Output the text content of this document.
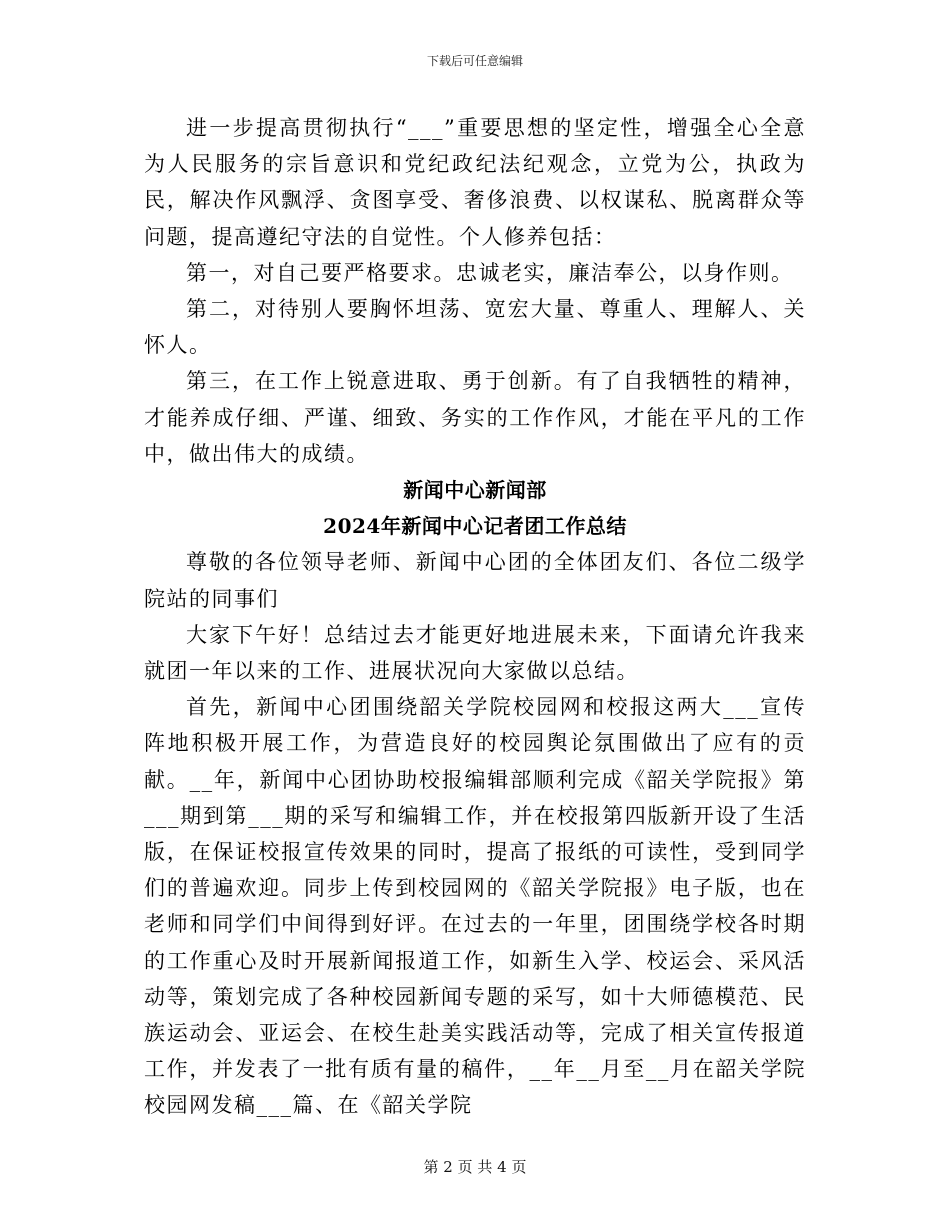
下载后可任意编辑

进一步提高贯彻执行“___”重要思想的坚定性，增强全心全意为人民服务的宗旨意识和党纪政纪法纪观念，立党为公，执政为民，解决作风飘浮、贪图享受、奢侈浪费、以权谋私、脱离群众等问题，提高遵纪守法的自觉性。个人修养包括：

第一，对自己要严格要求。忠诚老实，廉洁奉公，以身作则。

第二，对待别人要胸怀坦荡、宽宏大量、尊重人、理解人、关怀人。

第三，在工作上锐意进取、勇于创新。有了自我牺牲的精神，才能养成仔细、严谨、细致、务实的工作作风，才能在平凡的工作中，做出伟大的成绩。

新闻中心新闻部

2024年新闻中心记者团工作总结

尊敬的各位领导老师、新闻中心团的全体团友们、各位二级学院站的同事们

大家下午好！总结过去才能更好地进展未来，下面请允许我来就团一年以来的工作、进展状况向大家做以总结。

首先，新闻中心团围绕韶关学院校园网和校报这两大___宣传阵地积极开展工作，为营造良好的校园舆论氛围做出了应有的贡献。__年，新闻中心团协助校报编辑部顺利完成《韶关学院报》第___期到第___期的采写和编辑工作，并在校报第四版新开设了生活版，在保证校报宣传效果的同时，提高了报纸的可读性，受到同学们的普遍欢迎。同步上传到校园网的《韶关学院报》电子版，也在老师和同学们中间得到好评。在过去的一年里，团围绕学校各时期的工作重心及时开展新闻报道工作，如新生入学、校运会、采风活动等，策划完成了各种校园新闻专题的采写，如十大师德模范、民族运动会、亚运会、在校生赴美实践活动等，完成了相关宣传报道工作，并发表了一批有质有量的稿件，__年__月至__月在韶关学院校园网发稿___篇、在《韶关学院

第 2 页 共 4 页
